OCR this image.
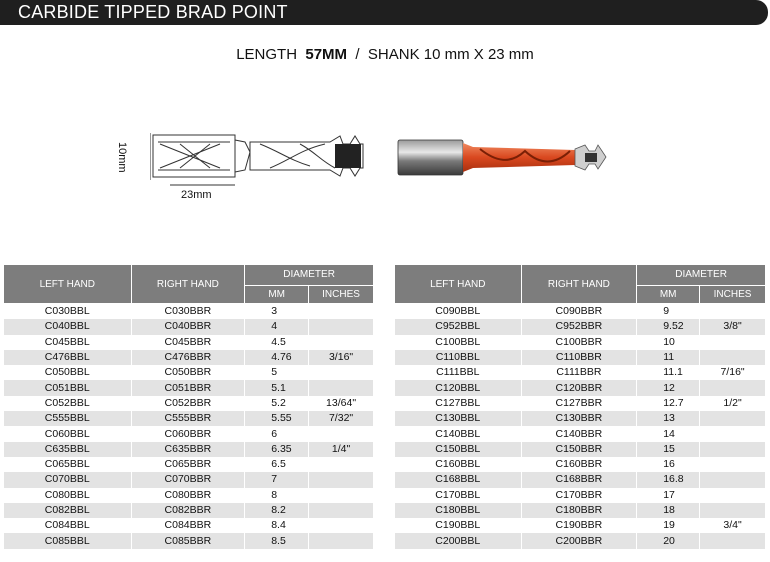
CARBIDE TIPPED BRAD POINT
LENGTH 57MM / SHANK 10 mm X 23 mm
10mm
23mm
LEFT HAND	RIGHT HAND	DIAMETER	
		MM	INCHES
C030BBL	C030BBR	3	
C040BBL	C040BBR	4	
C045BBL	C045BBR	4.5	
C476BBL	C476BBR	4.76	3/16"
C050BBL	C050BBR	5	
C051BBL	C051BBR	5.1	
C052BBL	C052BBR	5.2	13/64"
C555BBL	C555BBR	5.55	7/32"
C060BBL	C060BBR	6	
C635BBL	C635BBR	6.35	1/4"
C065BBL	C065BBR	6.5	
C070BBL	C070BBR	7	
C080BBL	C080BBR	8	
C082BBL	C082BBR	8.2	
C084BBL	C084BBR	8.4	
C085BBL	C085BBR	8.5	
LEFT HAND	RIGHT HAND	DIAMETER	
		MM	INCHES
C090BBL	C090BBR	9	
C952BBL	C952BBR	9.52	3/8"
C100BBL	C100BBR	10	
C110BBL	C110BBR	11	
C111BBL	C111BBR	11.1	7/16"
C120BBL	C120BBR	12	
C127BBL	C127BBR	12.7	1/2"
C130BBL	C130BBR	13	
C140BBL	C140BBR	14	
C150BBL	C150BBR	15	
C160BBL	C160BBR	16	
C168BBL	C168BBR	16.8	
C170BBL	C170BBR	17	
C180BBL	C180BBR	18	
C190BBL	C190BBR	19	3/4"
C200BBL	C200BBR	20	
